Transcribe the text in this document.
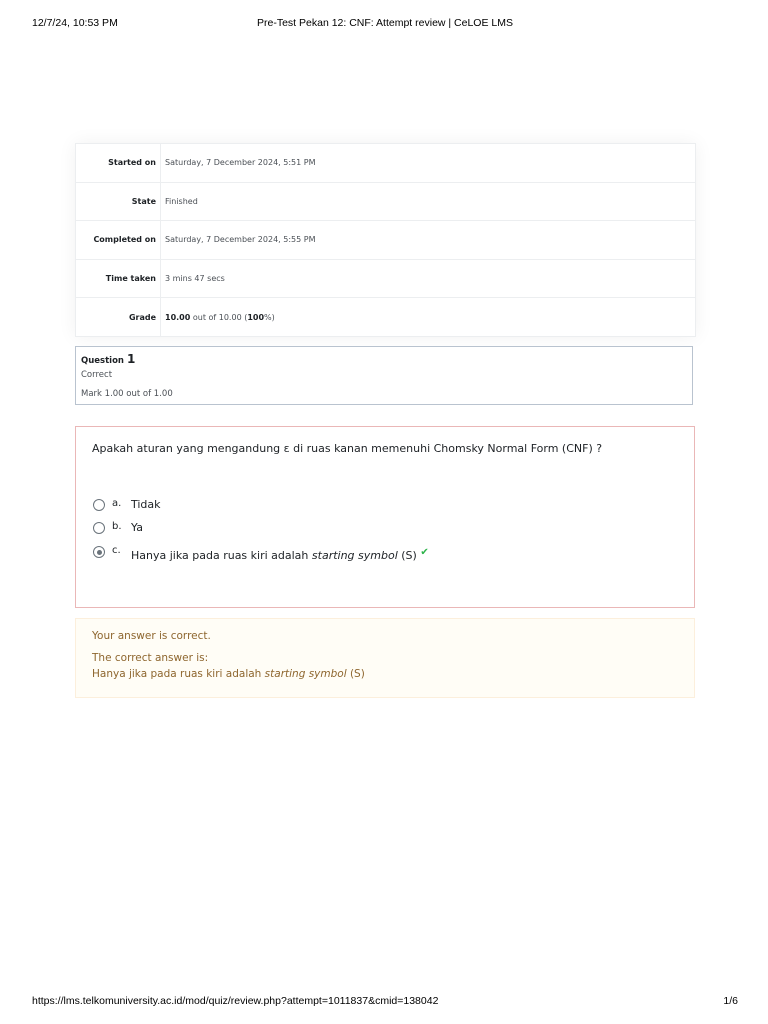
12/7/24, 10:53 PM	Pre-Test Pekan 12: CNF: Attempt review | CeLOE LMS
Started on	Saturday, 7 December 2024, 5:51 PM
State	Finished
Completed on	Saturday, 7 December 2024, 5:55 PM
Time taken	3 mins 47 secs
Grade	10.00 out of 10.00 (100%)
Question 1
Correct
Mark 1.00 out of 1.00
Apakah aturan yang mengandung ε di ruas kanan memenuhi Chomsky Normal Form (CNF) ?
a. Tidak
b. Ya
c. Hanya jika pada ruas kiri adalah starting symbol (S) ✔
Your answer is correct.
The correct answer is:
Hanya jika pada ruas kiri adalah starting symbol (S)
https://lms.telkomuniversity.ac.id/mod/quiz/review.php?attempt=1011837&cmid=138042	1/6
